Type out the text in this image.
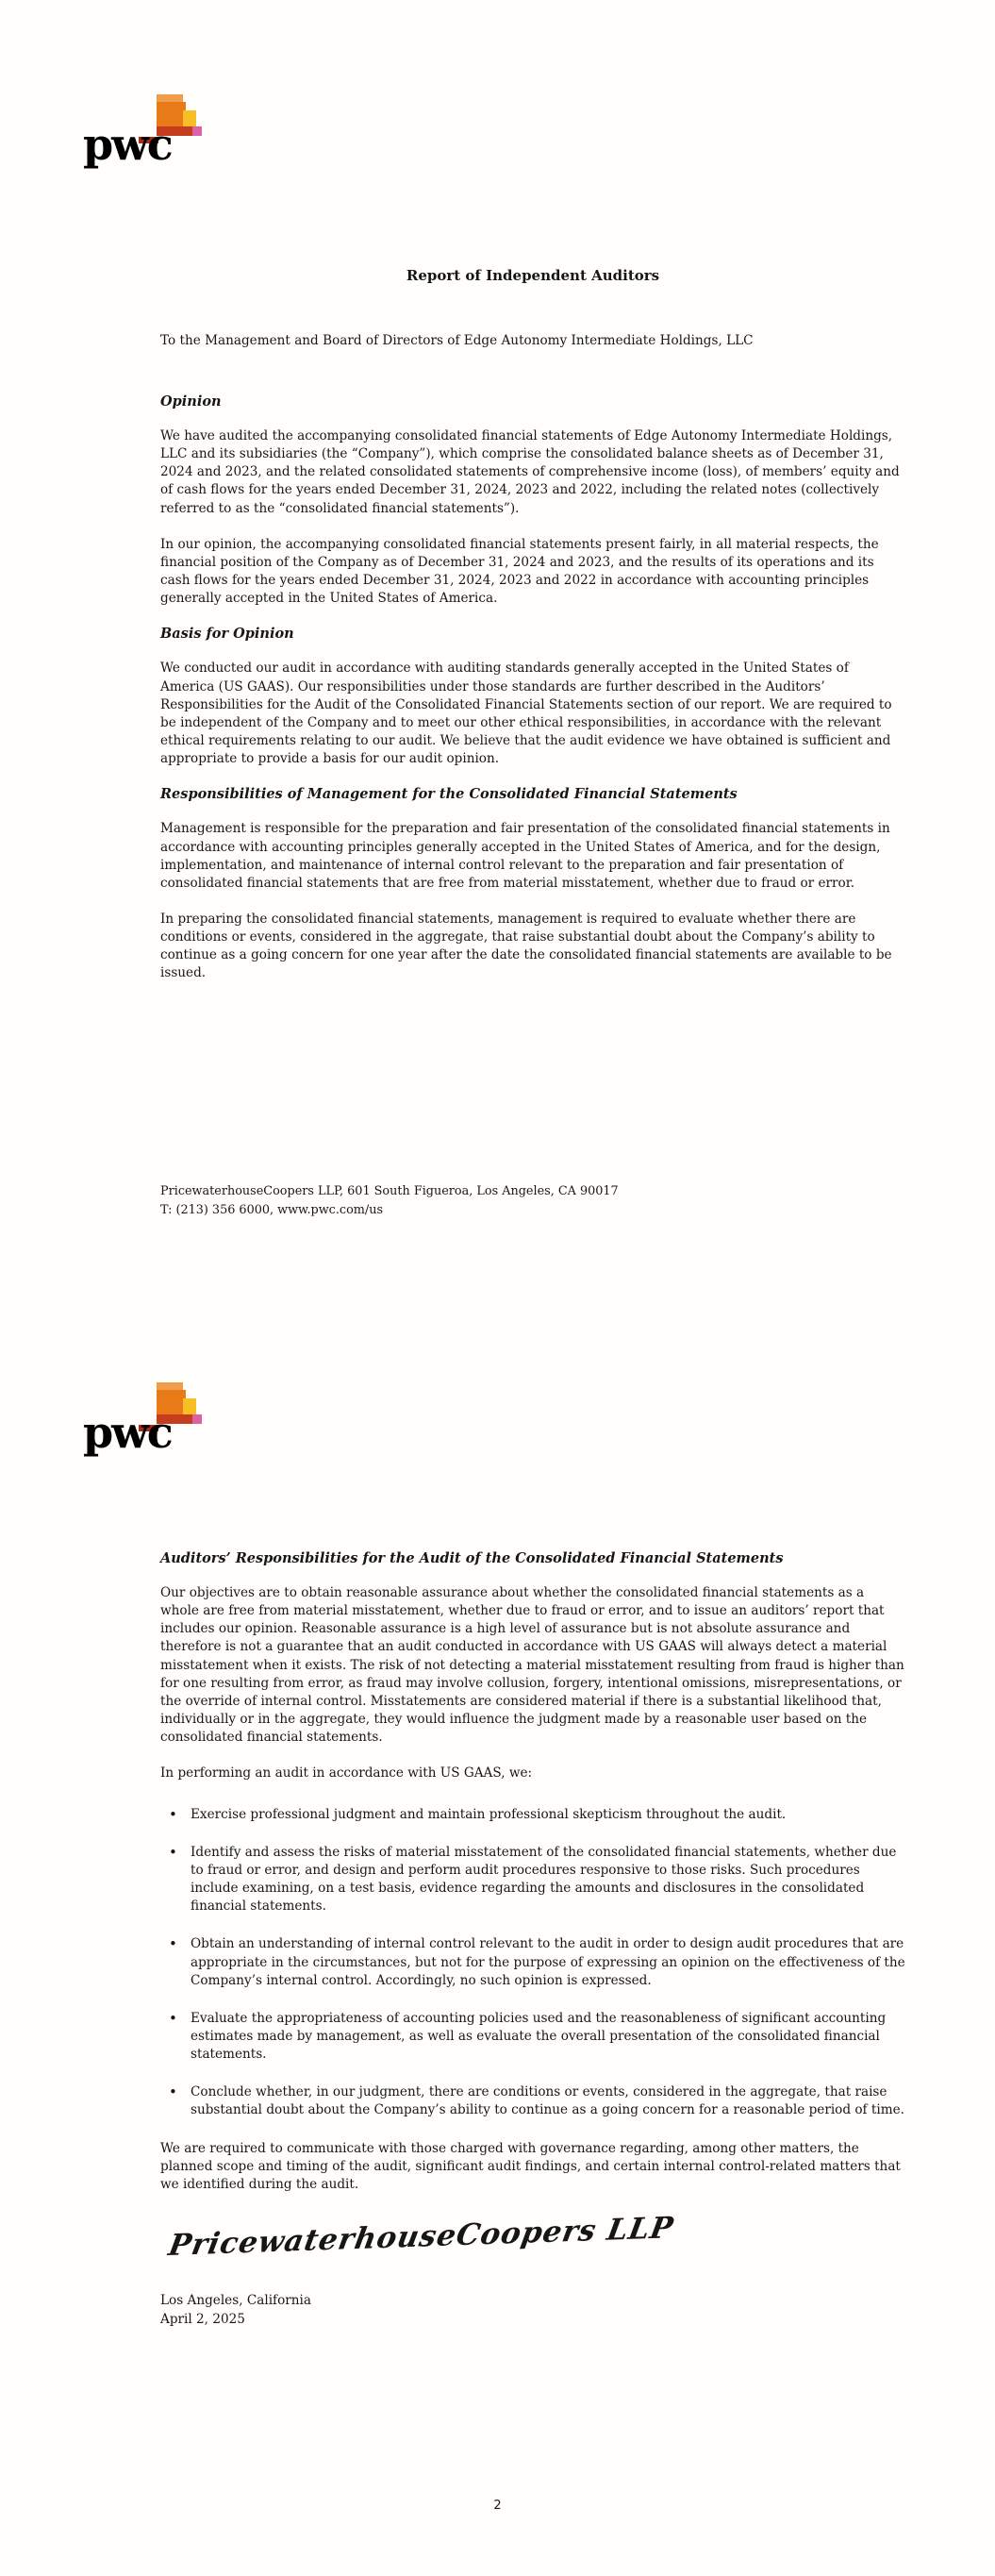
pwc
Report of Independent Auditors

To the Management and Board of Directors of Edge Autonomy Intermediate Holdings, LLC

Opinion

We have audited the accompanying consolidated financial statements of Edge Autonomy Intermediate Holdings, LLC and its subsidiaries (the “Company”), which comprise the consolidated balance sheets as of December 31, 2024 and 2023, and the related consolidated statements of comprehensive income (loss), of members’ equity and of cash flows for the years ended December 31, 2024, 2023 and 2022, including the related notes (collectively referred to as the “consolidated financial statements”).

In our opinion, the accompanying consolidated financial statements present fairly, in all material respects, the financial position of the Company as of December 31, 2024 and 2023, and the results of its operations and its cash flows for the years ended December 31, 2024, 2023 and 2022 in accordance with accounting principles generally accepted in the United States of America.

Basis for Opinion

We conducted our audit in accordance with auditing standards generally accepted in the United States of America (US GAAS). Our responsibilities under those standards are further described in the Auditors’ Responsibilities for the Audit of the Consolidated Financial Statements section of our report. We are required to be independent of the Company and to meet our other ethical responsibilities, in accordance with the relevant ethical requirements relating to our audit. We believe that the audit evidence we have obtained is sufficient and appropriate to provide a basis for our audit opinion.

Responsibilities of Management for the Consolidated Financial Statements

Management is responsible for the preparation and fair presentation of the consolidated financial statements in accordance with accounting principles generally accepted in the United States of America, and for the design, implementation, and maintenance of internal control relevant to the preparation and fair presentation of consolidated financial statements that are free from material misstatement, whether due to fraud or error.

In preparing the consolidated financial statements, management is required to evaluate whether there are conditions or events, considered in the aggregate, that raise substantial doubt about the Company’s ability to continue as a going concern for one year after the date the consolidated financial statements are available to be issued.

PricewaterhouseCoopers LLP, 601 South Figueroa, Los Angeles, CA 90017
T: (213) 356 6000, www.pwc.com/us
pwc
Auditors’ Responsibilities for the Audit of the Consolidated Financial Statements

Our objectives are to obtain reasonable assurance about whether the consolidated financial statements as a whole are free from material misstatement, whether due to fraud or error, and to issue an auditors’ report that includes our opinion. Reasonable assurance is a high level of assurance but is not absolute assurance and therefore is not a guarantee that an audit conducted in accordance with US GAAS will always detect a material misstatement when it exists. The risk of not detecting a material misstatement resulting from fraud is higher than for one resulting from error, as fraud may involve collusion, forgery, intentional omissions, misrepresentations, or the override of internal control. Misstatements are considered material if there is a substantial likelihood that, individually or in the aggregate, they would influence the judgment made by a reasonable user based on the consolidated financial statements.

In performing an audit in accordance with US GAAS, we:

• Exercise professional judgment and maintain professional skepticism throughout the audit.
• Identify and assess the risks of material misstatement of the consolidated financial statements, whether due to fraud or error, and design and perform audit procedures responsive to those risks. Such procedures include examining, on a test basis, evidence regarding the amounts and disclosures in the consolidated financial statements.
• Obtain an understanding of internal control relevant to the audit in order to design audit procedures that are appropriate in the circumstances, but not for the purpose of expressing an opinion on the effectiveness of the Company’s internal control. Accordingly, no such opinion is expressed.
• Evaluate the appropriateness of accounting policies used and the reasonableness of significant accounting estimates made by management, as well as evaluate the overall presentation of the consolidated financial statements.
• Conclude whether, in our judgment, there are conditions or events, considered in the aggregate, that raise substantial doubt about the Company’s ability to continue as a going concern for a reasonable period of time.

We are required to communicate with those charged with governance regarding, among other matters, the planned scope and timing of the audit, significant audit findings, and certain internal control-related matters that we identified during the audit.

PricewaterhouseCoopers LLP
Los Angeles, California
April 2, 2025
2
